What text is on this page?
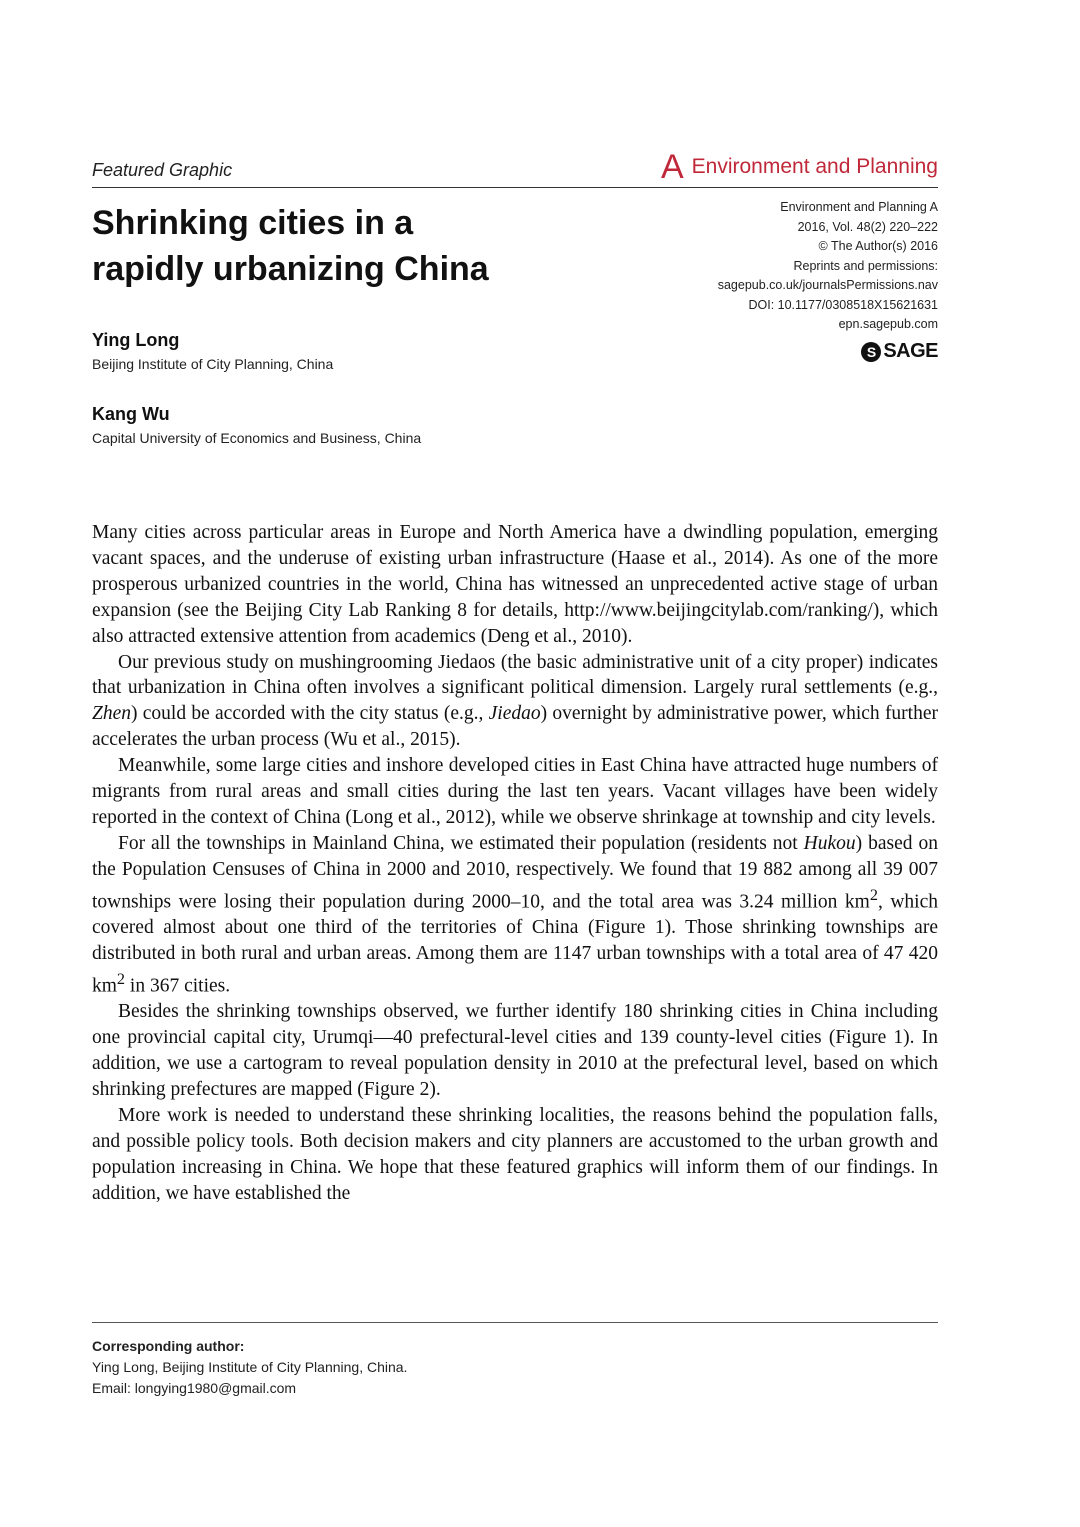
Featured Graphic	A Environment and Planning
Shrinking cities in a
rapidly urbanizing China
Environment and Planning A
2016, Vol. 48(2) 220–222
© The Author(s) 2016
Reprints and permissions:
sagepub.co.uk/journalsPermissions.nav
DOI: 10.1177/0308518X15621631
epn.sagepub.com
S SAGE
Ying Long
Beijing Institute of City Planning, China
Kang Wu
Capital University of Economics and Business, China

Many cities across particular areas in Europe and North America have a dwindling population, emerging vacant spaces, and the underuse of existing urban infrastructure (Haase et al., 2014). As one of the more prosperous urbanized countries in the world, China has witnessed an unprecedented active stage of urban expansion (see the Beijing City Lab Ranking 8 for details, http://www.beijingcitylab.com/ranking/), which also attracted extensive attention from academics (Deng et al., 2010).

Our previous study on mushingrooming Jiedaos (the basic administrative unit of a city proper) indicates that urbanization in China often involves a significant political dimension. Largely rural settlements (e.g., Zhen) could be accorded with the city status (e.g., Jiedao) overnight by administrative power, which further accelerates the urban process (Wu et al., 2015).

Meanwhile, some large cities and inshore developed cities in East China have attracted huge numbers of migrants from rural areas and small cities during the last ten years. Vacant villages have been widely reported in the context of China (Long et al., 2012), while we observe shrinkage at township and city levels.

For all the townships in Mainland China, we estimated their population (residents not Hukou) based on the Population Censuses of China in 2000 and 2010, respectively. We found that 19 882 among all 39 007 townships were losing their population during 2000–10, and the total area was 3.24 million $km^2$, which covered almost about one third of the territories of China (Figure 1). Those shrinking townships are distributed in both rural and urban areas. Among them are 1147 urban townships with a total area of 47 420 $km^2$ in 367 cities.

Besides the shrinking townships observed, we further identify 180 shrinking cities in China including one provincial capital city, Urumqi—40 prefectural-level cities and 139 county-level cities (Figure 1). In addition, we use a cartogram to reveal population density in 2010 at the prefectural level, based on which shrinking prefectures are mapped (Figure 2).

More work is needed to understand these shrinking localities, the reasons behind the population falls, and possible policy tools. Both decision makers and city planners are accustomed to the urban growth and population increasing in China. We hope that these featured graphics will inform them of our findings. In addition, we have established the

Corresponding author:
Ying Long, Beijing Institute of City Planning, China.
Email: longying1980@gmail.com
